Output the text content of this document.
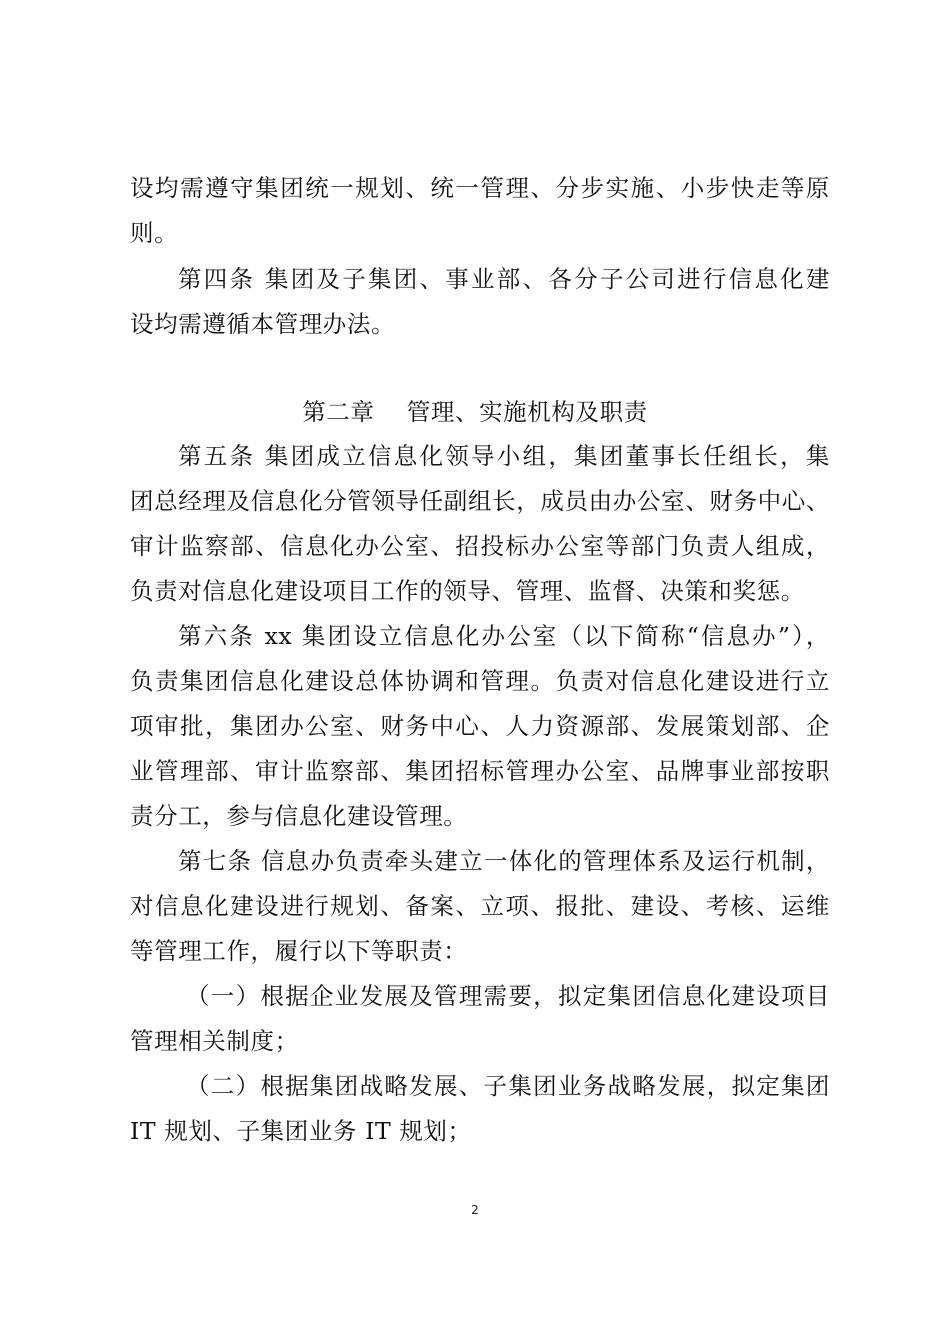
设均需遵守集团统一规划、统一管理、分步实施、小步快走等原
则。
第四条 集团及子集团、事业部、各分子公司进行信息化建
设均需遵循本管理办法。
第二章    管理、实施机构及职责
第五条 集团成立信息化领导小组，集团董事长任组长，集
团总经理及信息化分管领导任副组长，成员由办公室、财务中心、
审计监察部、信息化办公室、招投标办公室等部门负责人组成，
负责对信息化建设项目工作的领导、管理、监督、决策和奖惩。
第六条 xx 集团设立信息化办公室（以下简称“信息办”），
负责集团信息化建设总体协调和管理。负责对信息化建设进行立
项审批，集团办公室、财务中心、人力资源部、发展策划部、企
业管理部、审计监察部、集团招标管理办公室、品牌事业部按职
责分工，参与信息化建设管理。
第七条 信息办负责牵头建立一体化的管理体系及运行机制，
对信息化建设进行规划、备案、立项、报批、建设、考核、运维
等管理工作，履行以下等职责：
（一）根据企业发展及管理需要，拟定集团信息化建设项目
管理相关制度；
（二）根据集团战略发展、子集团业务战略发展，拟定集团
IT 规划、子集团业务 IT 规划；
2
